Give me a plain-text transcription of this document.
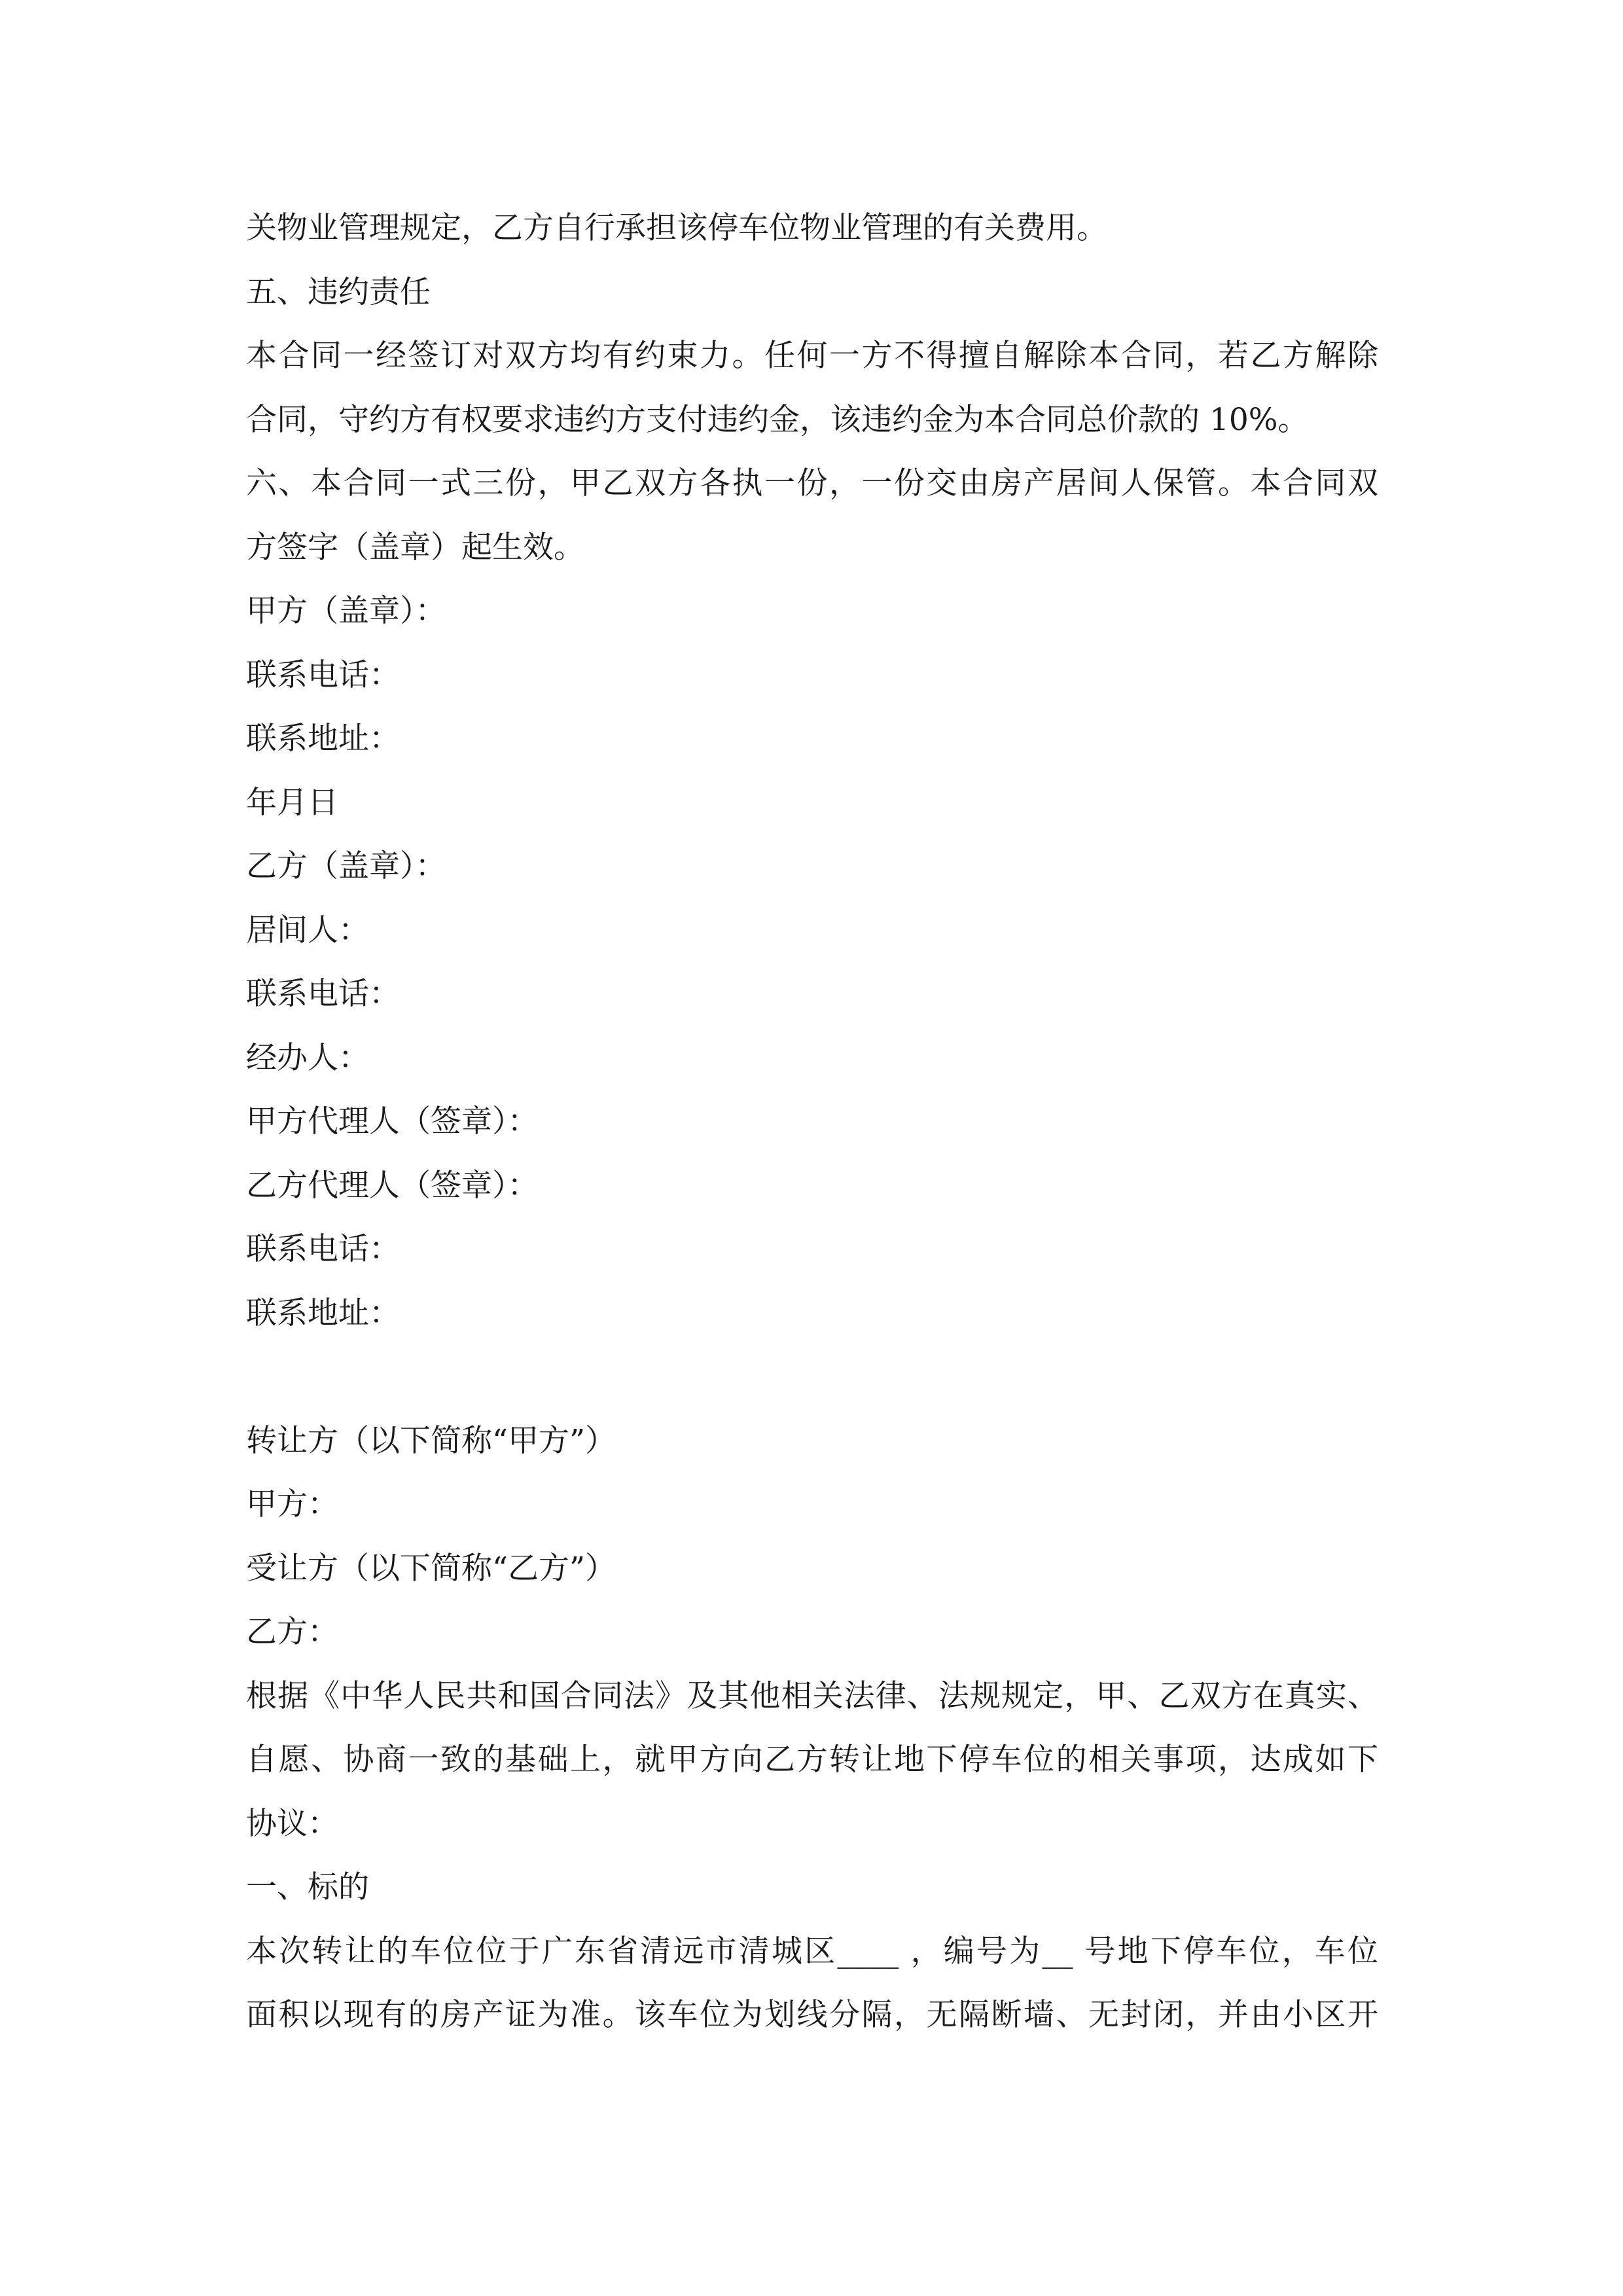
关物业管理规定，乙方自行承担该停车位物业管理的有关费用。
五、违约责任
本合同一经签订对双方均有约束力。任何一方不得擅自解除本合同，若乙方解除
合同，守约方有权要求违约方支付违约金，该违约金为本合同总价款的 10%。
六、本合同一式三份，甲乙双方各执一份，一份交由房产居间人保管。本合同双
方签字（盖章）起生效。
甲方（盖章）：
联系电话：
联系地址：
年月日
乙方（盖章）：
居间人：
联系电话：
经办人：
甲方代理人（签章）：
乙方代理人（签章）：
联系电话：
联系地址：
转让方（以下简称“甲方”）
甲方：
受让方（以下简称“乙方”）
乙方：
根据《中华人民共和国合同法》及其他相关法律、法规规定，甲、乙双方在真实、
自愿、协商一致的基础上，就甲方向乙方转让地下停车位的相关事项，达成如下
协议：
一、标的
本次转让的车位位于广东省清远市清城区____ ，编号为__ 号地下停车位，车位
面积以现有的房产证为准。该车位为划线分隔，无隔断墙、无封闭，并由小区开
